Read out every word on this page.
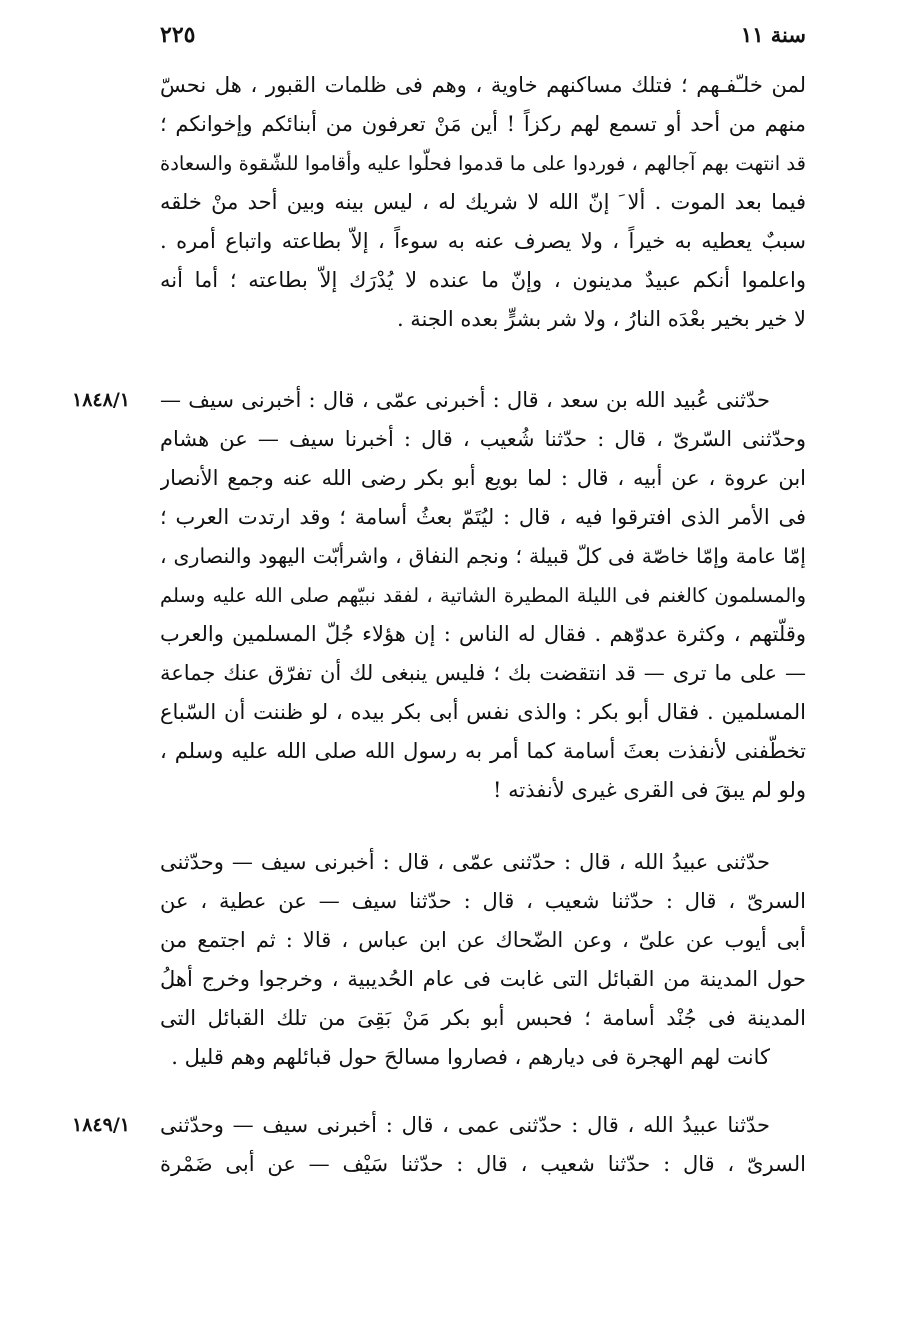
٢٢٥	سنة ١١
لمن خلـّفـهم ؛ فتلك مساكنهم خاوية ، وهم فى ظلمات القبور ، هل نحسّ
منهم من أحد أو تسمع لهم ركزاً ! أين مَنْ تعرفون من أبنائكم وإخوانكم ؛
قد انتهت بهم آجالهم ، فوردوا على ما قدموا فحلّوا عليه وأقاموا للشّقوة والسعادة
فيما بعد الموت . ألا َ إنّ الله لا شريك له ، ليس بينه وبين أحد منْ خلقه
سببٌ يعطيه به خيراً ، ولا يصرف عنه به سوءاً ، إلاّ بطاعته واتباع أمره .
واعلموا أنكم عبيدٌ مدينون ، وإنّ ما عنده لا يُدْرَك إلاّ بطاعته ؛ أما أنه
لا خير بخير بعْدَه النارُ ، ولا شر بشرٍّ بعده الجنة .
١٨٤٨/١ حدّثنى عُبيد الله بن سعد ، قال : أخبرنى عمّى ، قال : أخبرنى سيف —
وحدّثنى السّرىّ ، قال : حدّثنا شُعيب ، قال : أخبرنا سيف — عن هشام
ابن عروة ، عن أبيه ، قال : لما بويع أبو بكر رضى الله عنه وجمع الأنصار
فى الأمر الذى افترقوا فيه ، قال : ليُتَمّ بعثُ أسامة ؛ وقد ارتدت العرب ؛
إمّا عامة وإمّا خاصّة فى كلّ قبيلة ؛ ونجم النفاق ، واشرأبّت اليهود والنصارى ،
والمسلمون كالغنم فى الليلة المطيرة الشاتية ، لفقد نبيّهم صلى الله عليه وسلم
وقلّتهم ، وكثرة عدوّهم . فقال له الناس : إن هؤلاء جُلّ المسلمين والعرب
— على ما ترى — قد انتقضت بك ؛ فليس ينبغى لك أن تفرّق عنك جماعة
المسلمين . فقال أبو بكر : والذى نفس أبى بكر بيده ، لو ظننت أن السّباع
تخطّفنى لأنفذت بعثَ أسامة كما أمر به رسول الله صلى الله عليه وسلم ،
ولو لم يبقَ فى القرى غيرى لأنفذته !
حدّثنى عبيدُ الله ، قال : حدّثنى عمّى ، قال : أخبرنى سيف — وحدّثنى
السرىّ ، قال : حدّثنا شعيب ، قال : حدّثنا سيف — عن عطية ، عن
أبى أيوب عن علىّ ، وعن الضّحاك عن ابن عباس ، قالا : ثم اجتمع من
حول المدينة من القبائل التى غابت فى عام الحُديبية ، وخرجوا وخرج أهلُ
المدينة فى جُنْد أسامة ؛ فحبس أبو بكر مَنْ بَقِىَ من تلك القبائل التى
كانت لهم الهجرة فى ديارهم ، فصاروا مسالحَ حول قبائلهم وهم قليل .
١٨٤٩/١ حدّثنا عبيدُ الله ، قال : حدّثنى عمى ، قال : أخبرنى سيف — وحدّثنى
السرىّ ، قال : حدّثنا شعيب ، قال : حدّثنا سَيْف — عن أبى ضَمْرة
